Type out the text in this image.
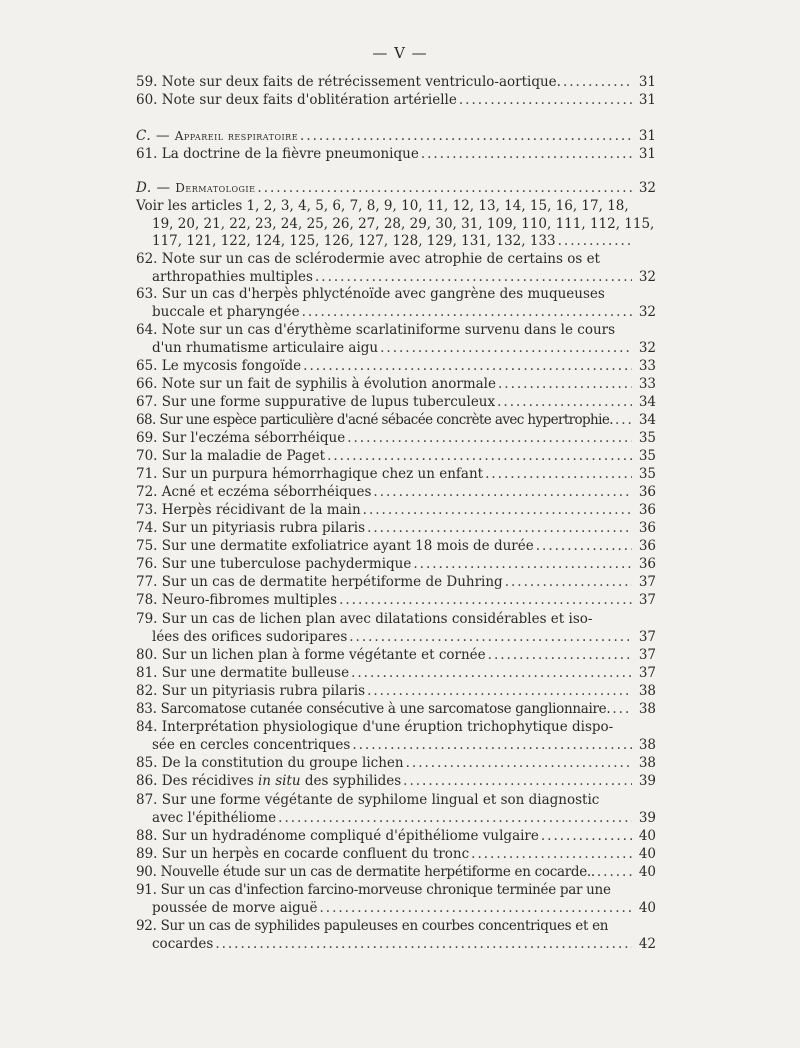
— V —
59. Note sur deux faits de rétrécissement ventriculo-aortique. .....	31
60. Note sur deux faits d'oblitération artérielle .....	31
C. — Appareil respiratoire .....	31
61. La doctrine de la fièvre pneumonique .....	31
D. — Dermatologie .....	32
Voir les articles 1, 2, 3, 4, 5, 6, 7, 8, 9, 10, 11, 12, 13, 14, 15, 16, 17, 18,
19, 20, 21, 22, 23, 24, 25, 26, 27, 28, 29, 30, 31, 109, 110, 111, 112, 115,
117, 121, 122, 124, 125, 126, 127, 128, 129, 131, 132, 133
.....
62. Note sur un cas de sclérodermie avec atrophie de certains os et
arthropathies multiples .....	32
63. Sur un cas d'herpès phlycténoïde avec gangrène des muqueuses
buccale et pharyngée .....	32
64. Note sur un cas d'érythème scarlatiniforme survenu dans le cours
d'un rhumatisme articulaire aigu .....	32
65. Le mycosis fongoïde .....	33
66. Note sur un fait de syphilis à évolution anormale .....	33
67. Sur une forme suppurative de lupus tuberculeux .....	34
68. Sur une espèce particulière d'acné sébacée concrète avec hypertrophie. ..... 34
69. Sur l'eczéma séborrhéique .....	35
70. Sur la maladie de Paget .....	35
71. Sur un purpura hémorrhagique chez un enfant .....	35
72. Acné et eczéma séborrhéiques .....	36
73. Herpès récidivant de la main .....	36
74. Sur un pityriasis rubra pilaris .....	36
75. Sur une dermatite exfoliatrice ayant 18 mois de durée .....	36
76. Sur une tuberculose pachydermique .....	36
77. Sur un cas de dermatite herpétiforme de Duhring .....	37
78. Neuro-fibromes multiples .....	37
79. Sur un cas de lichen plan avec dilatations considérables et iso-
lées des orifices sudoripares .....	37
80. Sur un lichen plan à forme végétante et cornée .....	37
81. Sur une dermatite bulleuse .....	37
82. Sur un pityriasis rubra pilaris .....	38
83. Sarcomatose cutanée consécutive à une sarcomatose ganglionnaire. ..... 38
84. Interprétation physiologique d'une éruption trichophytique dispo-
sée en cercles concentriques .....	38
85. De la constitution du groupe lichen .....	38
86. Des récidives in situ des syphilides .....	39
87. Sur une forme végétante de syphilome lingual et son diagnostic
avec l'épithéliome .....	39
88. Sur un hydradénome compliqué d'épithéliome vulgaire .....	40
89. Sur un herpès en cocarde confluent du tronc .....	40
90. Nouvelle étude sur un cas de dermatite herpétiforme en cocarde.. .....	40
91. Sur un cas d'infection farcino-morveuse chronique terminée par une
poussée de morve aiguë .....	40
92. Sur un cas de syphilides papuleuses en courbes concentriques et en
cocardes .....	42
